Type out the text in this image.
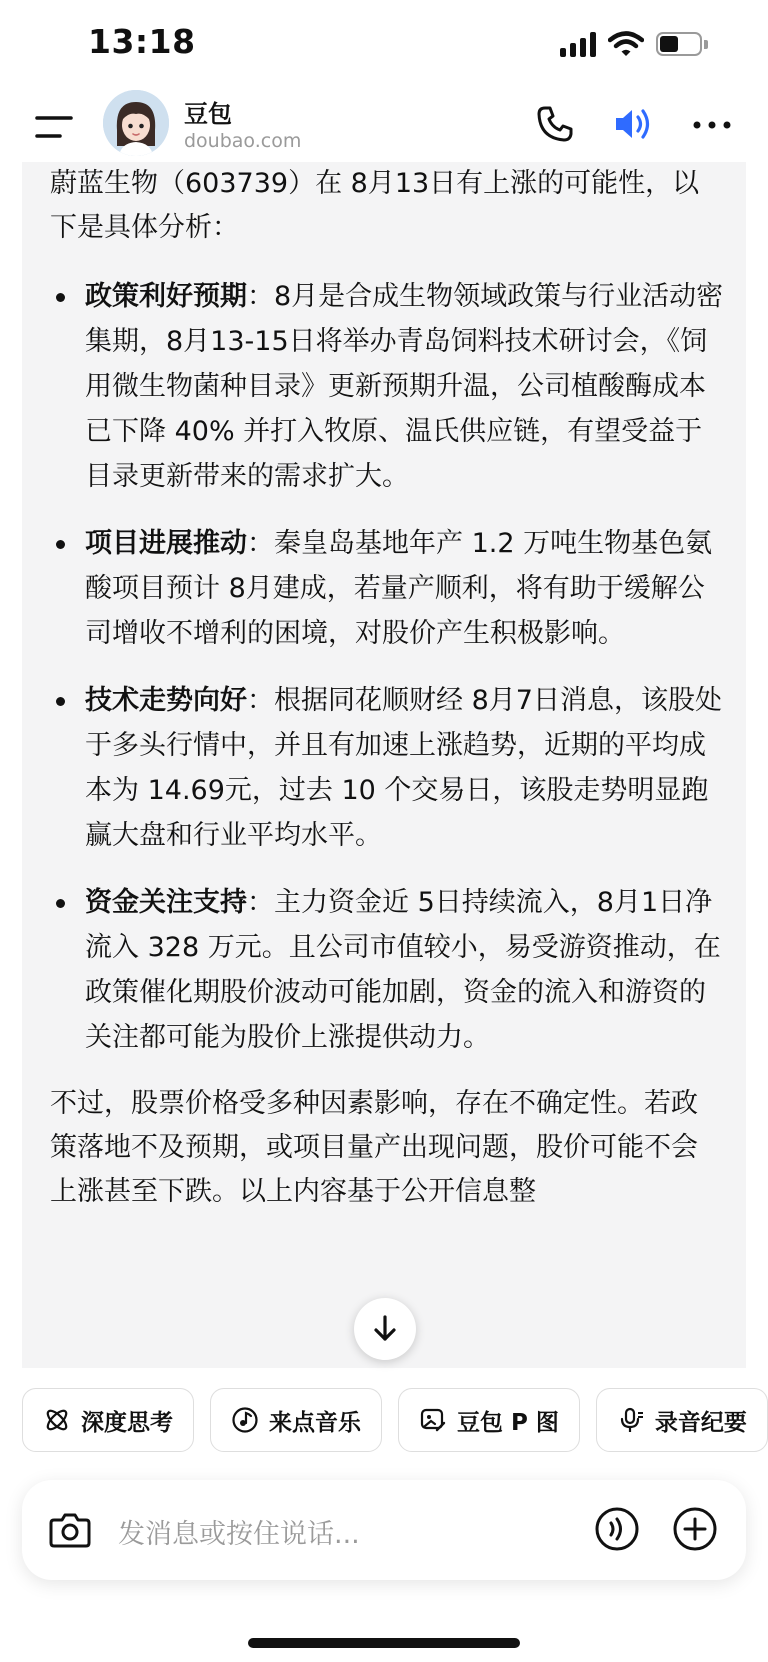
13:18
豆包
doubao.com

蔚蓝生物（603739）在 8月13日有上涨的可能性，以下是具体分析：

政策利好预期：8月是合成生物领域政策与行业活动密集期，8月13-15日将举办青岛饲料技术研讨会，《饲用微生物菌种目录》更新预期升温，公司植酸酶成本已下降 40% 并打入牧原、温氏供应链，有望受益于目录更新带来的需求扩大。
项目进展推动：秦皇岛基地年产 1.2 万吨生物基色氨酸项目预计 8月建成，若量产顺利，将有助于缓解公司增收不增利的困境，对股价产生积极影响。
技术走势向好：根据同花顺财经 8月7日消息，该股处于多头行情中，并且有加速上涨趋势，近期的平均成本为 14.69元，过去 10 个交易日，该股走势明显跑赢大盘和行业平均水平。
资金关注支持：主力资金近 5日持续流入，8月1日净流入 328 万元。且公司市值较小，易受游资推动，在政策催化期股价波动可能加剧，资金的流入和游资的关注都可能为股价上涨提供动力。

不过，股票价格受多种因素影响，存在不确定性。若政策落地不及预期，或项目量产出现问题，股价可能不会上涨甚至下跌。以上内容基于公开信息整

深度思考	来点音乐	豆包 P 图	录音纪要
发消息或按住说话...
